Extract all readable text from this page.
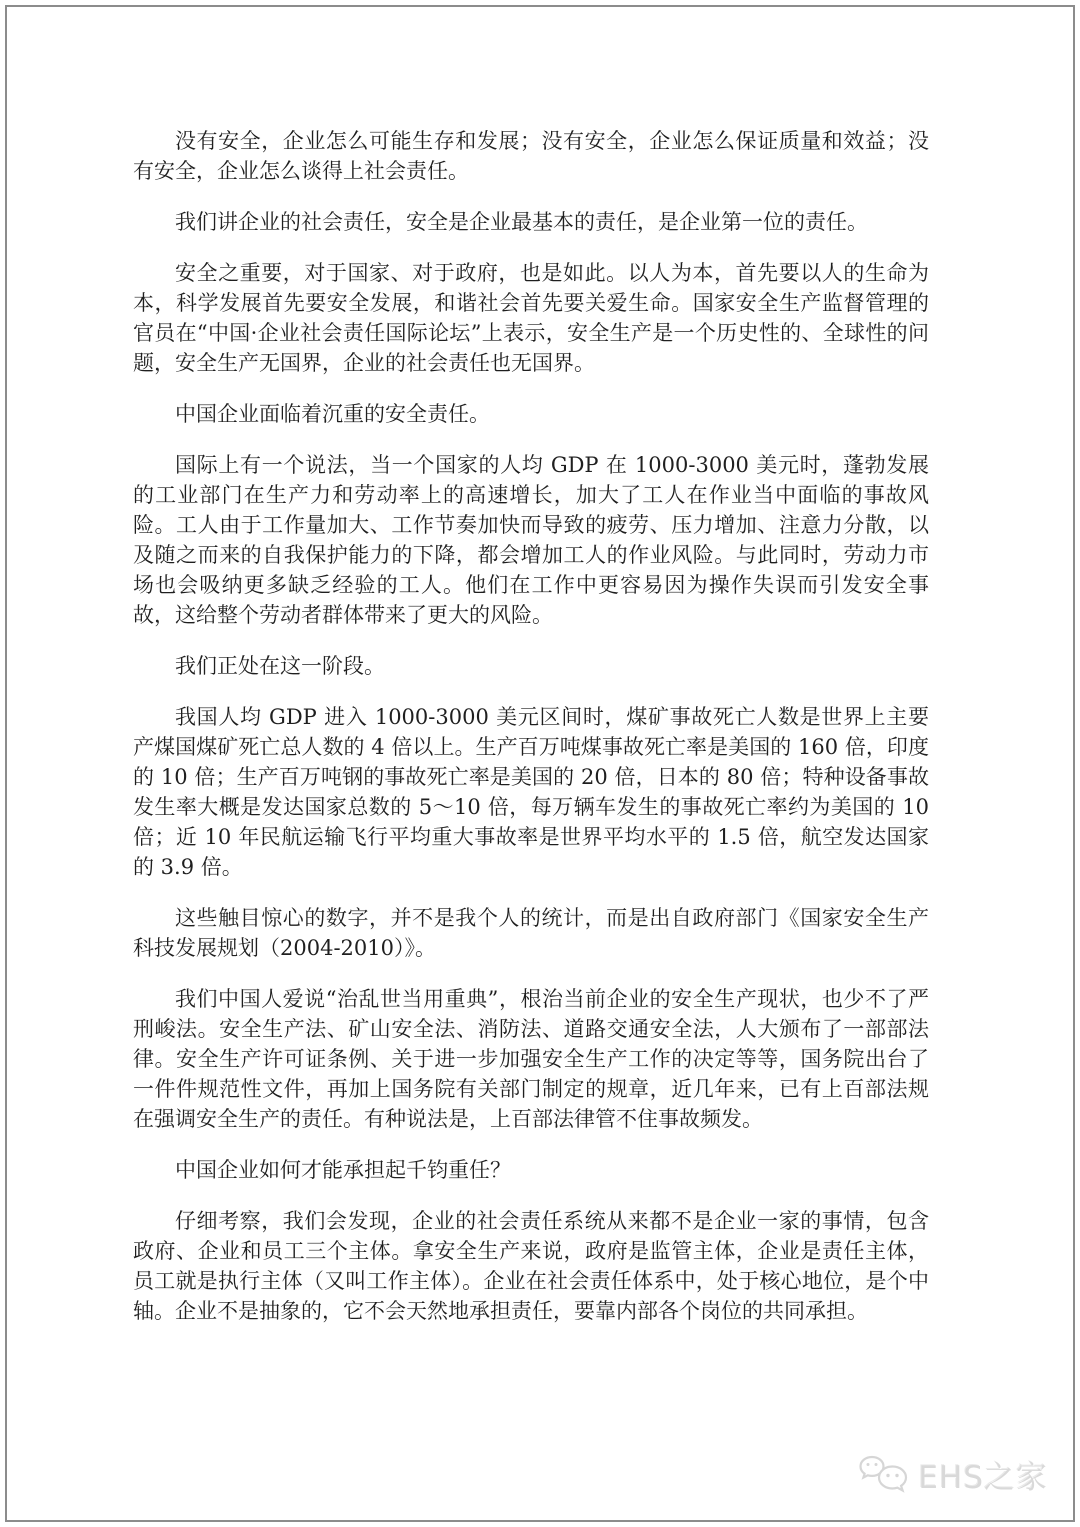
没有安全，企业怎么可能生存和发展；没有安全，企业怎么保证质量和效益；没有安全，企业怎么谈得上社会责任。

我们讲企业的社会责任，安全是企业最基本的责任，是企业第一位的责任。

安全之重要，对于国家、对于政府，也是如此。以人为本，首先要以人的生命为本，科学发展首先要安全发展，和谐社会首先要关爱生命。国家安全生产监督管理的官员在“中国·企业社会责任国际论坛”上表示，安全生产是一个历史性的、全球性的问题，安全生产无国界，企业的社会责任也无国界。

中国企业面临着沉重的安全责任。

国际上有一个说法，当一个国家的人均 GDP 在 1000-3000 美元时，蓬勃发展的工业部门在生产力和劳动率上的高速增长，加大了工人在作业当中面临的事故风险。工人由于工作量加大、工作节奏加快而导致的疲劳、压力增加、注意力分散，以及随之而来的自我保护能力的下降，都会增加工人的作业风险。与此同时，劳动力市场也会吸纳更多缺乏经验的工人。他们在工作中更容易因为操作失误而引发安全事故，这给整个劳动者群体带来了更大的风险。

我们正处在这一阶段。

我国人均 GDP 进入 1000-3000 美元区间时，煤矿事故死亡人数是世界上主要产煤国煤矿死亡总人数的 4 倍以上。生产百万吨煤事故死亡率是美国的 160 倍，印度的 10 倍；生产百万吨钢的事故死亡率是美国的 20 倍，日本的 80 倍；特种设备事故发生率大概是发达国家总数的 5～10 倍，每万辆车发生的事故死亡率约为美国的 10 倍；近 10 年民航运输飞行平均重大事故率是世界平均水平的 1.5 倍，航空发达国家的 3.9 倍。

这些触目惊心的数字，并不是我个人的统计，而是出自政府部门《国家安全生产科技发展规划（2004-2010）》。

我们中国人爱说“治乱世当用重典”，根治当前企业的安全生产现状，也少不了严刑峻法。安全生产法、矿山安全法、消防法、道路交通安全法，人大颁布了一部部法律。安全生产许可证条例、关于进一步加强安全生产工作的决定等等，国务院出台了一件件规范性文件，再加上国务院有关部门制定的规章，近几年来，已有上百部法规在强调安全生产的责任。有种说法是，上百部法律管不住事故频发。

中国企业如何才能承担起千钧重任？

仔细考察，我们会发现，企业的社会责任系统从来都不是企业一家的事情，包含政府、企业和员工三个主体。拿安全生产来说，政府是监管主体，企业是责任主体，员工就是执行主体（又叫工作主体）。企业在社会责任体系中，处于核心地位，是个中轴。企业不是抽象的，它不会天然地承担责任，要靠内部各个岗位的共同承担。

EHS之家
